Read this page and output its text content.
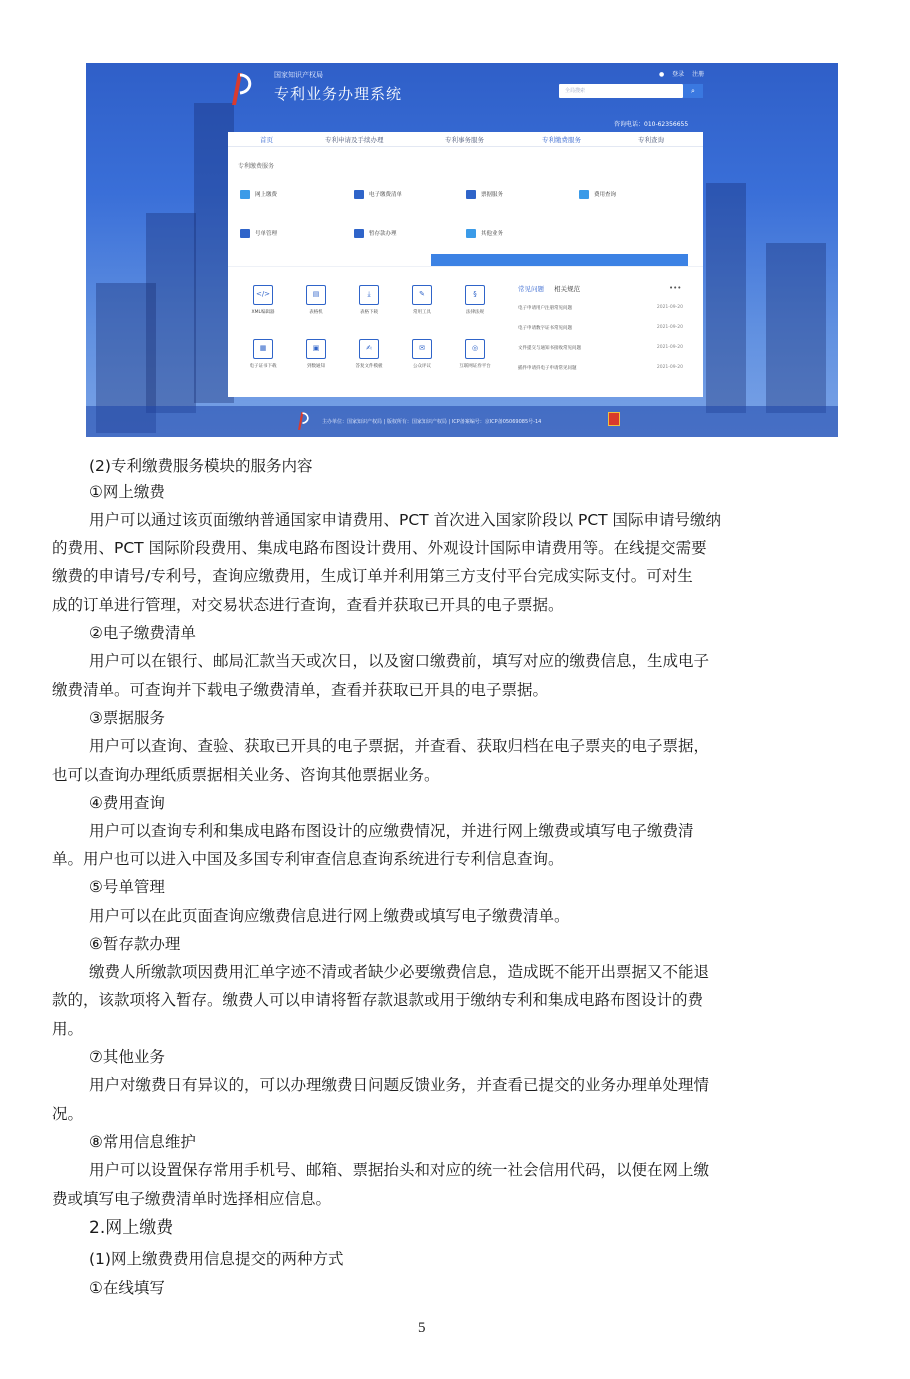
国家知识产权局
专利业务办理系统
● 登录 注册
全局搜索	⌕
咨询电话：010-62356655
首页	专利申请及手续办理	专利事务服务	专利缴费服务	专利查询
专利缴费服务
网上缴费	电子缴费清单	票据服务	费用查询
号单管理	暂存款办理	其他业务
</>
XML编辑器
▤
表格机
⤓
表格下载
✎
常用工具
§
法律法规
▦
电子证书下载
▣
到数通知
✍
答复文件模板
✉
公众评议
◎
互联网证券平台
常见问题 相关规范	•••
电子申请用户注册常见问题	2021-09-20
电子申请数字证书常见问题	2021-09-20
文件提交与通知书接收常见问题	2021-09-20
插件申请抖电子申请常见问题	2021-09-20
主办单位：国家知识产权局 | 版权所有：国家知识产权局 | ICP备案编号：京ICP备05069085号-14
(2)专利缴费服务模块的服务内容
①网上缴费
用户可以通过该页面缴纳普通国家申请费用、PCT 首次进入国家阶段以 PCT 国际申请号缴纳
的费用、PCT 国际阶段费用、集成电路布图设计费用、外观设计国际申请费用等。在线提交需要
缴费的申请号/专利号，查询应缴费用，生成订单并利用第三方支付平台完成实际支付。可对生
成的订单进行管理，对交易状态进行查询，查看并获取已开具的电子票据。
②电子缴费清单
用户可以在银行、邮局汇款当天或次日，以及窗口缴费前，填写对应的缴费信息，生成电子
缴费清单。可查询并下载电子缴费清单，查看并获取已开具的电子票据。
③票据服务
用户可以查询、查验、获取已开具的电子票据，并查看、获取归档在电子票夹的电子票据，
也可以查询办理纸质票据相关业务、咨询其他票据业务。
④费用查询
用户可以查询专利和集成电路布图设计的应缴费情况，并进行网上缴费或填写电子缴费清
单。用户也可以进入中国及多国专利审查信息查询系统进行专利信息查询。
⑤号单管理
用户可以在此页面查询应缴费信息进行网上缴费或填写电子缴费清单。
⑥暂存款办理
缴费人所缴款项因费用汇单字迹不清或者缺少必要缴费信息，造成既不能开出票据又不能退
款的，该款项将入暂存。缴费人可以申请将暂存款退款或用于缴纳专利和集成电路布图设计的费
用。
⑦其他业务
用户对缴费日有异议的，可以办理缴费日问题反馈业务，并查看已提交的业务办理单处理情
况。
⑧常用信息维护
用户可以设置保存常用手机号、邮箱、票据抬头和对应的统一社会信用代码，以便在网上缴
费或填写电子缴费清单时选择相应信息。
2.网上缴费
(1)网上缴费费用信息提交的两种方式
①在线填写
5
